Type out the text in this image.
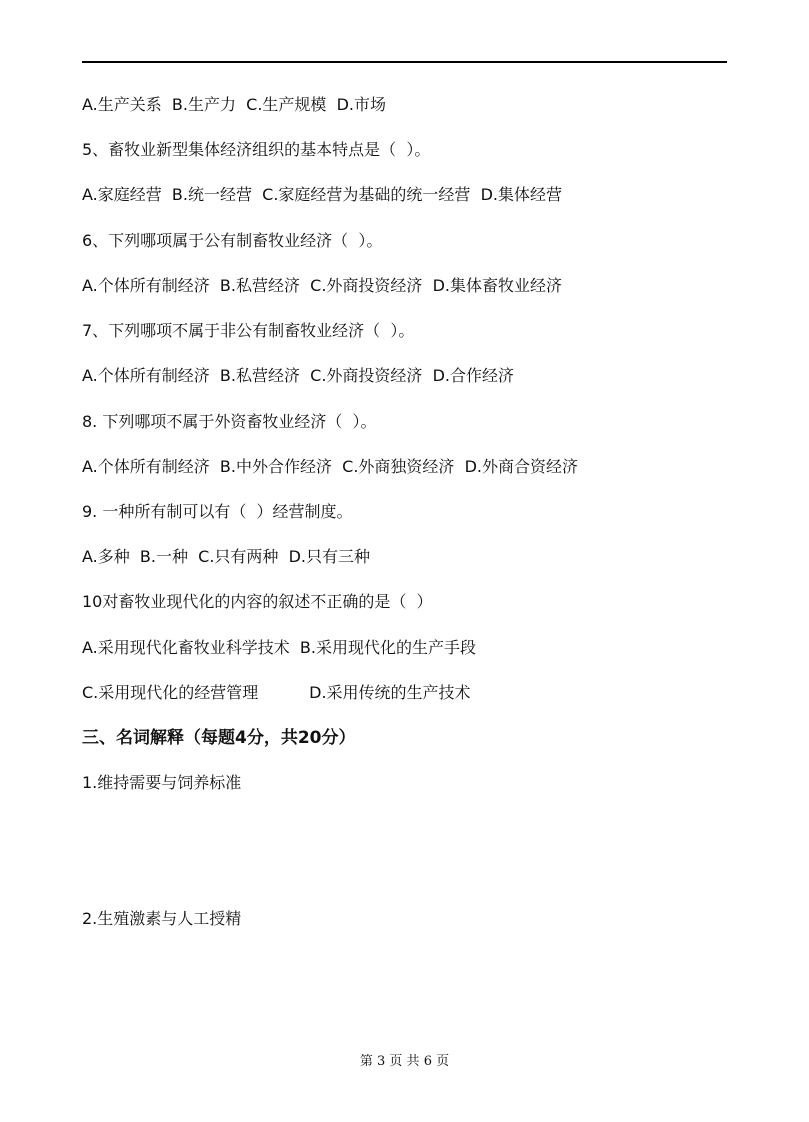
A.生产关系  B.生产力  C.生产规模  D.市场
5、畜牧业新型集体经济组织的基本特点是（  ）。
A.家庭经营  B.统一经营  C.家庭经营为基础的统一经营  D.集体经营
6、下列哪项属于公有制畜牧业经济（  ）。
A.个体所有制经济  B.私营经济  C.外商投资经济  D.集体畜牧业经济
7、下列哪项不属于非公有制畜牧业经济（  ）。
A.个体所有制经济  B.私营经济  C.外商投资经济  D.合作经济
8. 下列哪项不属于外资畜牧业经济（  ）。
A.个体所有制经济  B.中外合作经济  C.外商独资经济  D.外商合资经济
9. 一种所有制可以有（  ）经营制度。
A.多种  B.一种  C.只有两种  D.只有三种
10对畜牧业现代化的内容的叙述不正确的是（  ）
A.采用现代化畜牧业科学技术  B.采用现代化的生产手段
C.采用现代化的经营管理          D.采用传统的生产技术
三、名词解释（每题4分，共20分）
1.维持需要与饲养标准
2.生殖激素与人工授精
第 3 页 共 6 页
